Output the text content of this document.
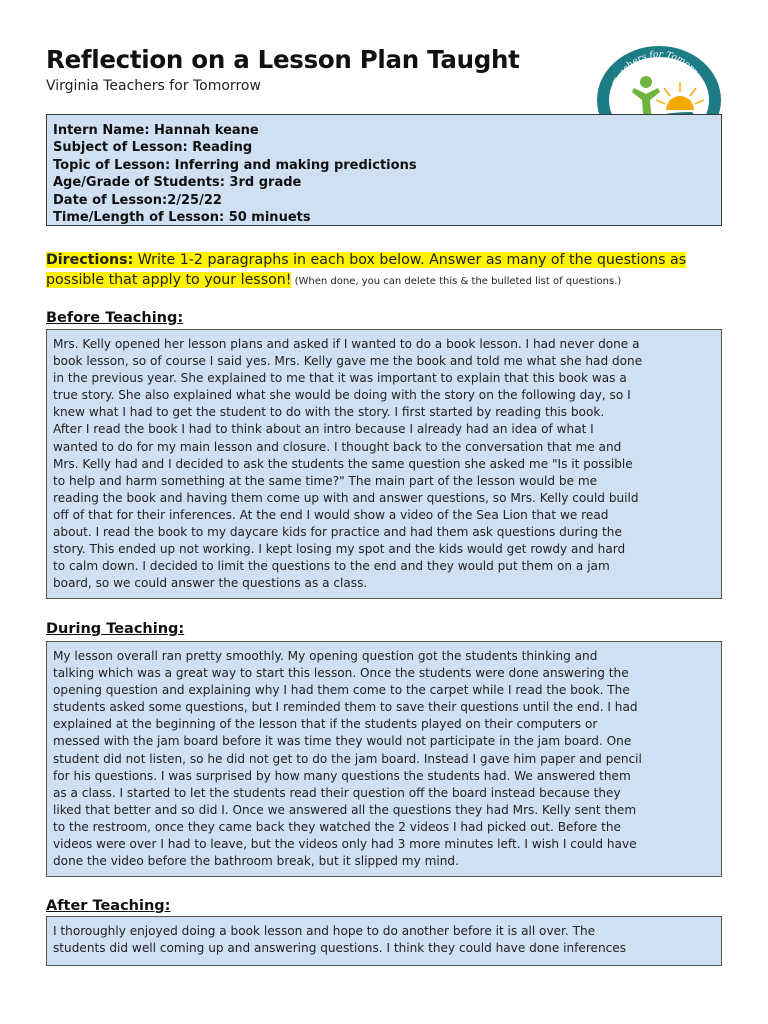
Reflection on a Lesson Plan Taught
Virginia Teachers for Tomorrow	Teachers for Tomorrow
Intern Name: Hannah keane
Subject of Lesson: Reading
Topic of Lesson: Inferring and making predictions
Age/Grade of Students: 3rd grade
Date of Lesson:2/25/22
Time/Length of Lesson: 50 minuets
Directions: Write 1-2 paragraphs in each box below. Answer as many of the questions as
possible that apply to your lesson! (When done, you can delete this & the bulleted list of questions.)
Before Teaching:
Mrs. Kelly opened her lesson plans and asked if I wanted to do a book lesson. I had never done a
book lesson, so of course I said yes. Mrs. Kelly gave me the book and told me what she had done
in the previous year. She explained to me that it was important to explain that this book was a
true story. She also explained what she would be doing with the story on the following day, so I
knew what I had to get the student to do with the story. I first started by reading this book.
After I read the book I had to think about an intro because I already had an idea of what I
wanted to do for my main lesson and closure. I thought back to the conversation that me and
Mrs. Kelly had and I decided to ask the students the same question she asked me "Is it possible
to help and harm something at the same time?" The main part of the lesson would be me
reading the book and having them come up with and answer questions, so Mrs. Kelly could build
off of that for their inferences. At the end I would show a video of the Sea Lion that we read
about. I read the book to my daycare kids for practice and had them ask questions during the
story. This ended up not working. I kept losing my spot and the kids would get rowdy and hard
to calm down. I decided to limit the questions to the end and they would put them on a jam
board, so we could answer the questions as a class.
During Teaching:
My lesson overall ran pretty smoothly. My opening question got the students thinking and
talking which was a great way to start this lesson. Once the students were done answering the
opening question and explaining why I had them come to the carpet while I read the book. The
students asked some questions, but I reminded them to save their questions until the end. I had
explained at the beginning of the lesson that if the students played on their computers or
messed with the jam board before it was time they would not participate in the jam board. One
student did not listen, so he did not get to do the jam board. Instead I gave him paper and pencil
for his questions. I was surprised by how many questions the students had. We answered them
as a class. I started to let the students read their question off the board instead because they
liked that better and so did I. Once we answered all the questions they had Mrs. Kelly sent them
to the restroom, once they came back they watched the 2 videos I had picked out. Before the
videos were over I had to leave, but the videos only had 3 more minutes left. I wish I could have
done the video before the bathroom break, but it slipped my mind.
After Teaching:
I thoroughly enjoyed doing a book lesson and hope to do another before it is all over. The
students did well coming up and answering questions. I think they could have done inferences
